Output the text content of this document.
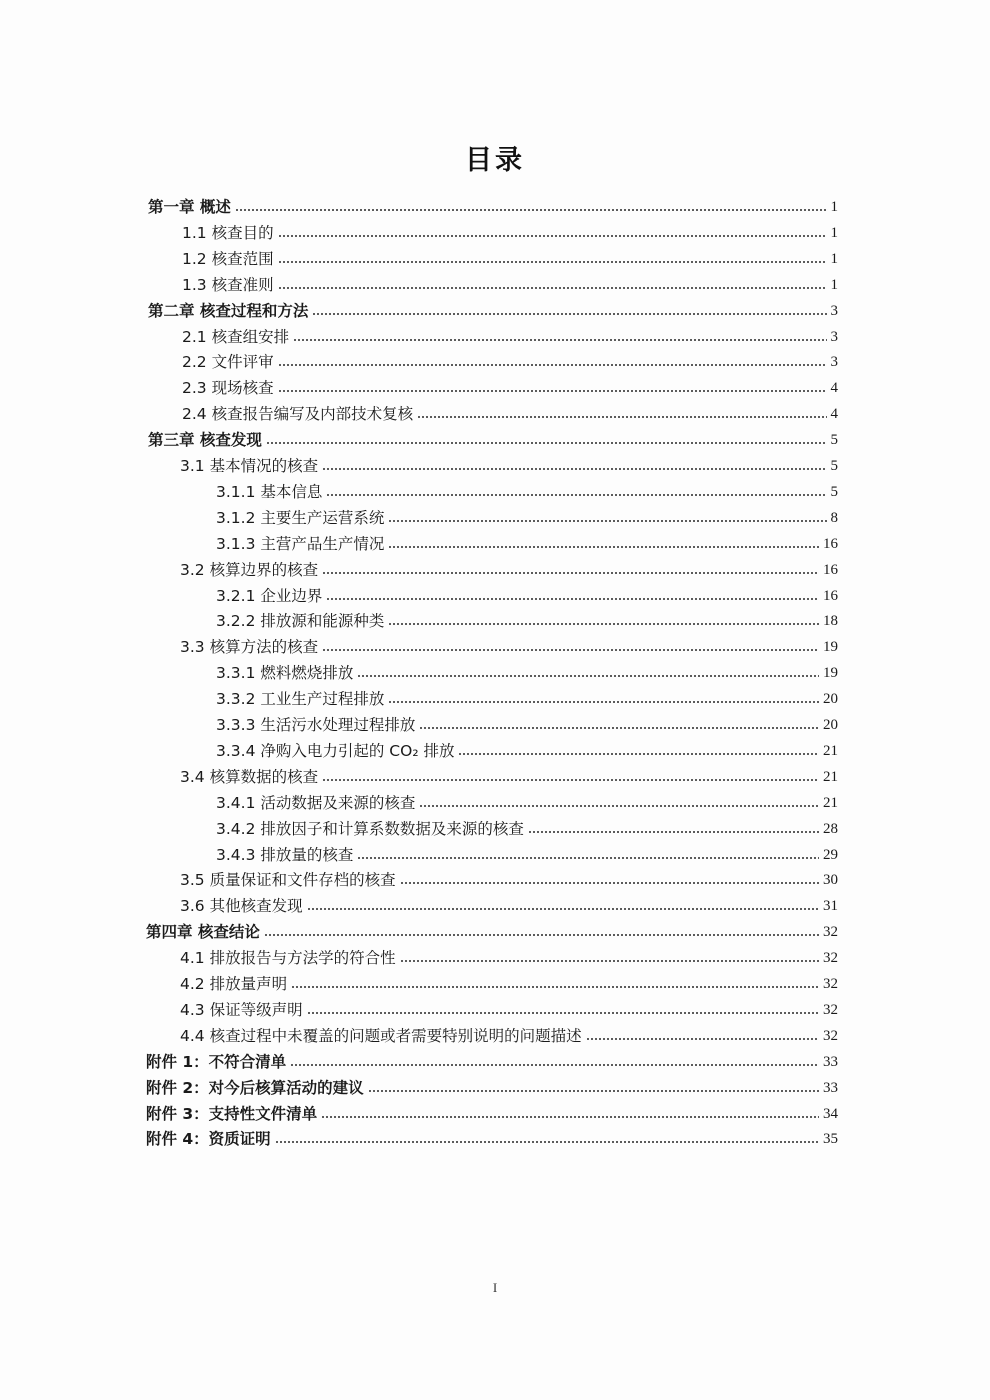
目录
第一章 概述	1
1.1 核查目的	1
1.2 核查范围	1
1.3 核查准则	1
第二章 核查过程和方法	3
2.1 核查组安排	3
2.2 文件评审	3
2.3 现场核查	4
2.4 核查报告编写及内部技术复核	4
第三章 核查发现	5
3.1 基本情况的核查	5
3.1.1 基本信息	5
3.1.2 主要生产运营系统	8
3.1.3 主营产品生产情况	16
3.2 核算边界的核查	16
3.2.1 企业边界	16
3.2.2 排放源和能源种类	18
3.3 核算方法的核查	19
3.3.1 燃料燃烧排放	19
3.3.2 工业生产过程排放	20
3.3.3 生活污水处理过程排放	20
3.3.4 净购入电力引起的 CO₂ 排放	21
3.4 核算数据的核查	21
3.4.1 活动数据及来源的核查	21
3.4.2 排放因子和计算系数数据及来源的核查	28
3.4.3 排放量的核查	29
3.5 质量保证和文件存档的核查	30
3.6 其他核查发现	31
第四章 核查结论	32
4.1 排放报告与方法学的符合性	32
4.2 排放量声明	32
4.3 保证等级声明	32
4.4 核查过程中未覆盖的问题或者需要特别说明的问题描述	32
附件 1：不符合清单	33
附件 2：对今后核算活动的建议	33
附件 3：支持性文件清单	34
附件 4：资质证明	35
I
